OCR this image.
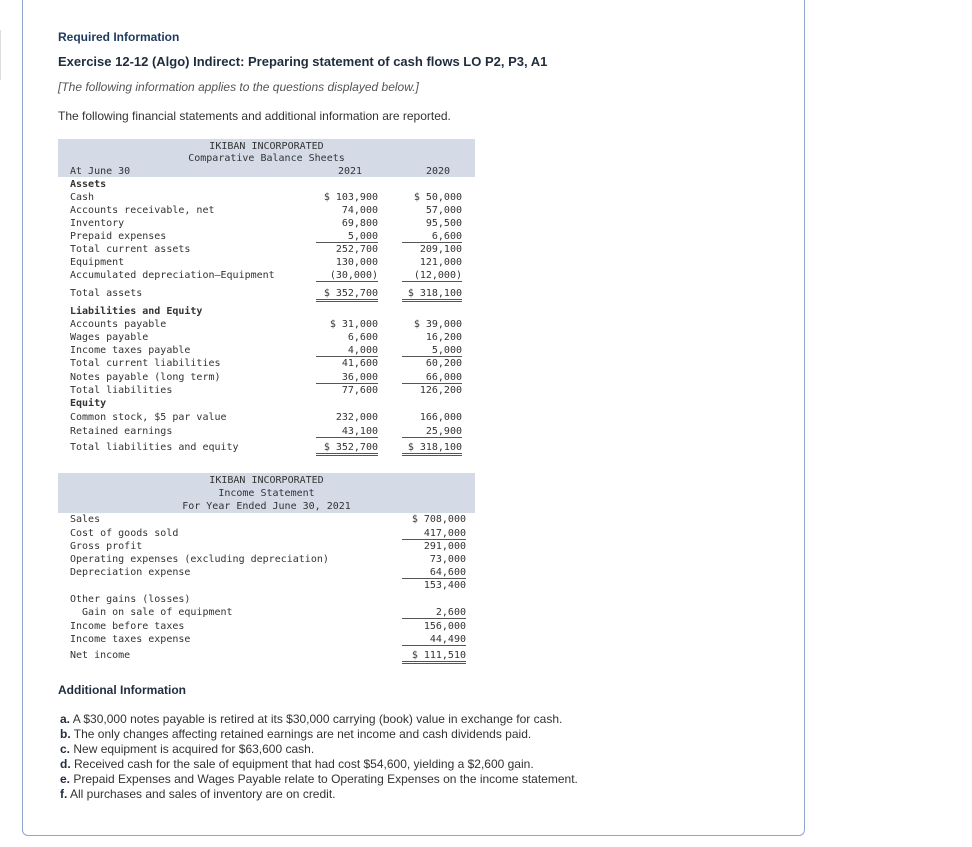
Required Information
Exercise 12-12 (Algo) Indirect: Preparing statement of cash flows LO P2, P3, A1
[The following information applies to the questions displayed below.]
The following financial statements and additional information are reported.
IKIBAN INCORPORATED
Comparative Balance Sheets
At June 30	2021	2020
Assets
Cash	$ 103,900	$ 50,000
Accounts receivable, net	74,000	57,000
Inventory	69,800	95,500
Prepaid expenses	5,000	6,600
Total current assets	252,700	209,100
Equipment	130,000	121,000
Accumulated depreciation—Equipment	(30,000)	(12,000)
Total assets	$ 352,700	$ 318,100
Liabilities and Equity
Accounts payable	$ 31,000	$ 39,000
Wages payable	6,600	16,200
Income taxes payable	4,000	5,000
Total current liabilities	41,600	60,200
Notes payable (long term)	36,000	66,000
Total liabilities	77,600	126,200
Equity
Common stock, $5 par value	232,000	166,000
Retained earnings	43,100	25,900
Total liabilities and equity	$ 352,700	$ 318,100
IKIBAN INCORPORATED
Income Statement
For Year Ended June 30, 2021
Sales	$ 708,000
Cost of goods sold	417,000
Gross profit	291,000
Operating expenses (excluding depreciation)	73,000
Depreciation expense	64,600
153,400
Other gains (losses)
Gain on sale of equipment	2,600
Income before taxes	156,000
Income taxes expense	44,490
Net income	$ 111,510
Additional Information
a. A $30,000 notes payable is retired at its $30,000 carrying (book) value in exchange for cash.
b. The only changes affecting retained earnings are net income and cash dividends paid.
c. New equipment is acquired for $63,600 cash.
d. Received cash for the sale of equipment that had cost $54,600, yielding a $2,600 gain.
e. Prepaid Expenses and Wages Payable relate to Operating Expenses on the income statement.
f. All purchases and sales of inventory are on credit.
